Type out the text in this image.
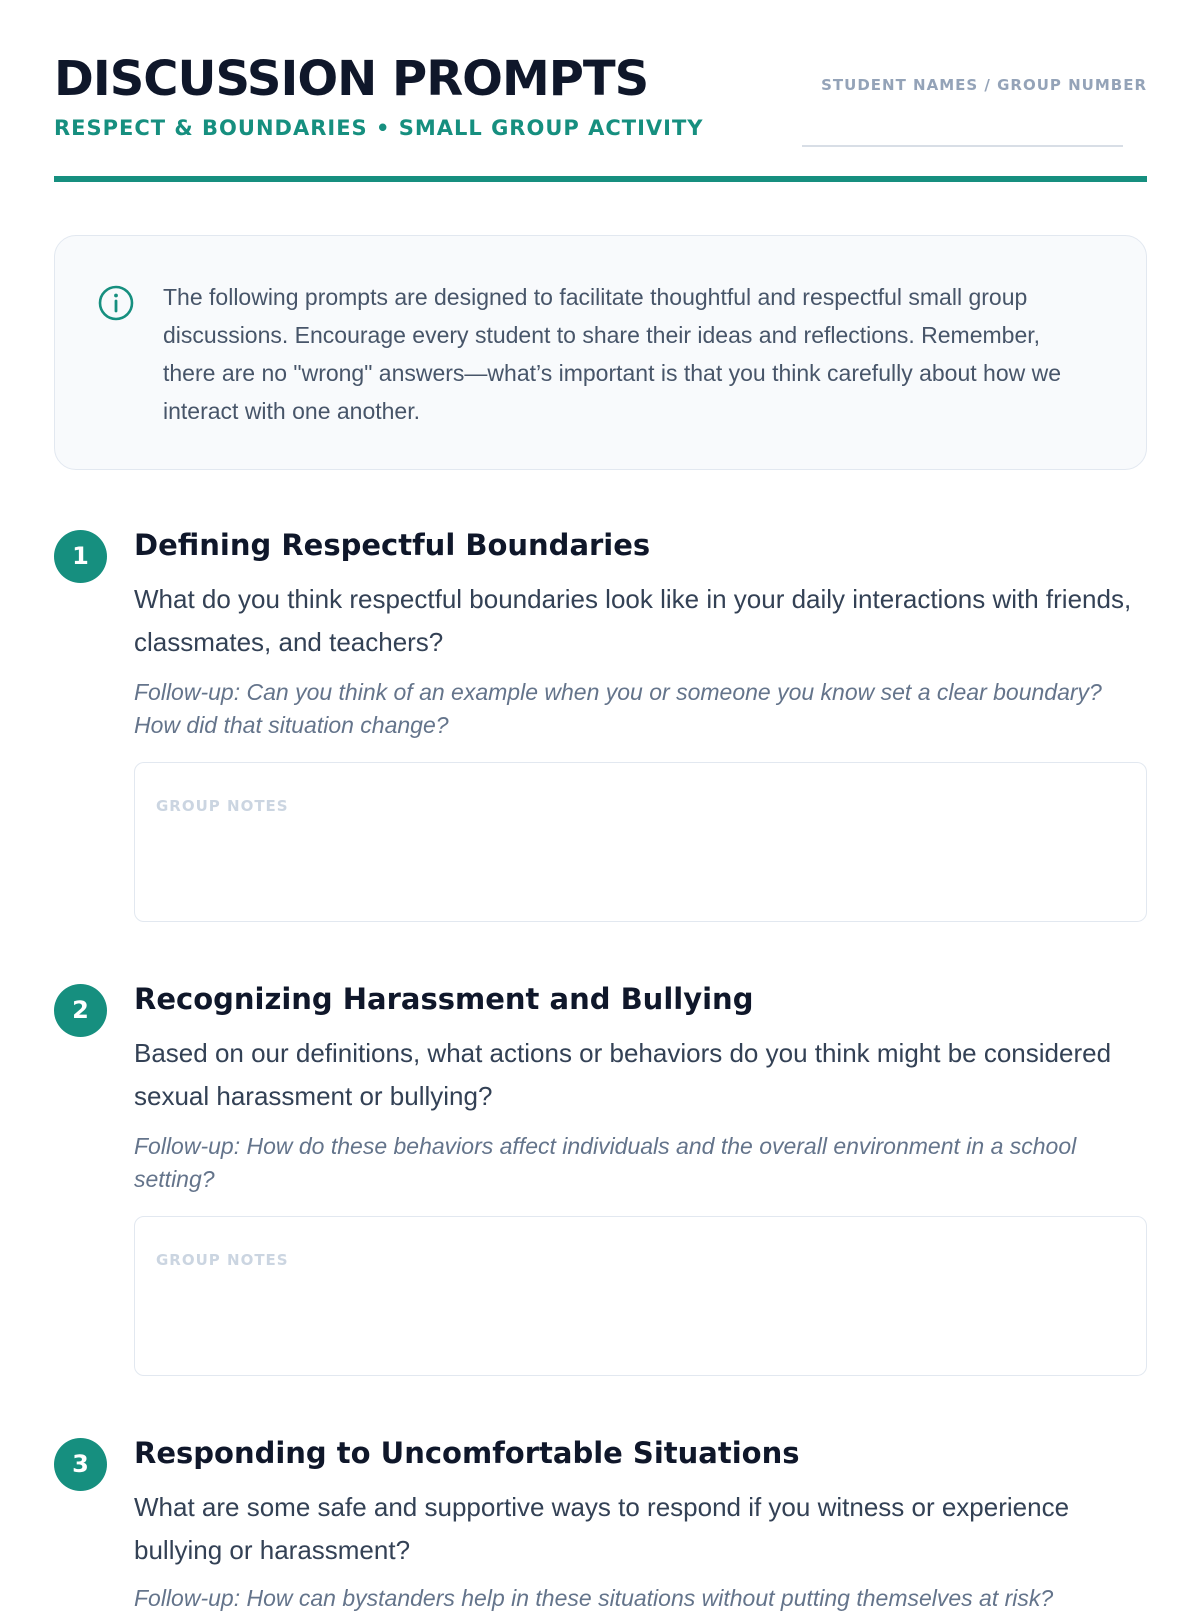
DISCUSSION PROMPTS
RESPECT & BOUNDARIES • SMALL GROUP ACTIVITY
STUDENT NAMES / GROUP NUMBER

The following prompts are designed to facilitate thoughtful and respectful small group discussions. Encourage every student to share their ideas and reflections. Remember, there are no "wrong" answers—what’s important is that you think carefully about how we interact with one another.

1	Defining Respectful Boundaries

What do you think respectful boundaries look like in your daily interactions with friends, classmates, and teachers?

Follow-up: Can you think of an example when you or someone you know set a clear boundary? How did that situation change?

GROUP NOTES
2	Recognizing Harassment and Bullying

Based on our definitions, what actions or behaviors do you think might be considered sexual harassment or bullying?

Follow-up: How do these behaviors affect individuals and the overall environment in a school setting?

GROUP NOTES
3	Responding to Uncomfortable Situations

What are some safe and supportive ways to respond if you witness or experience bullying or harassment?

Follow-up: How can bystanders help in these situations without putting themselves at risk?
